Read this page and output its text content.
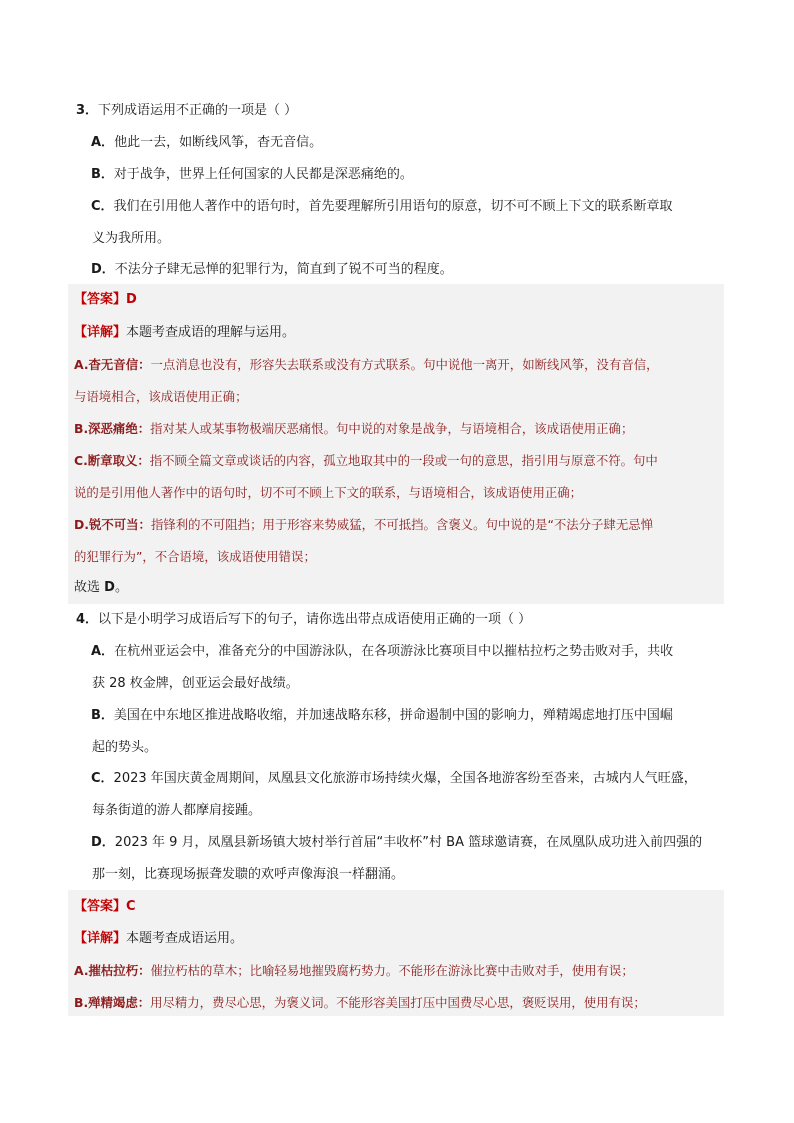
3．下列成语运用不正确的一项是（ ）
A．他此一去，如断线风筝，杳无音信。
B．对于战争，世界上任何国家的人民都是深恶痛绝的。
C．我们在引用他人著作中的语句时，首先要理解所引用语句的原意，切不可不顾上下文的联系断章取
义为我所用。
D．不法分子肆无忌惮的犯罪行为，简直到了锐不可当的程度。
【答案】D
【详解】本题考查成语的理解与运用。
A.杳无音信：一点消息也没有，形容失去联系或没有方式联系。句中说他一离开，如断线风筝，没有音信，
与语境相合，该成语使用正确；
B.深恶痛绝：指对某人或某事物极端厌恶痛恨。句中说的对象是战争，与语境相合，该成语使用正确；
C.断章取义：指不顾全篇文章或谈话的内容，孤立地取其中的一段或一句的意思，指引用与原意不符。句中
说的是引用他人著作中的语句时，切不可不顾上下文的联系，与语境相合，该成语使用正确；
D.锐不可当：指锋利的不可阻挡；用于形容来势威猛，不可抵挡。含褒义。句中说的是“不法分子肆无忌惮
的犯罪行为”，不合语境，该成语使用错误；
故选 D。
4．以下是小明学习成语后写下的句子，请你选出带点成语使用正确的一项（ ）
A．在杭州亚运会中，准备充分的中国游泳队，在各项游泳比赛项目中以摧枯拉朽之势击败对手，共收
获 28 枚金牌，创亚运会最好战绩。
B．美国在中东地区推进战略收缩，并加速战略东移，拼命遏制中国的影响力，殚精竭虑地打压中国崛
起的势头。
C．2023 年国庆黄金周期间，凤凰县文化旅游市场持续火爆，全国各地游客纷至沓来，古城内人气旺盛，
每条街道的游人都摩肩接踵。
D．2023 年 9 月，凤凰县新场镇大坡村举行首届“丰收杯”村 BA 篮球邀请赛，在凤凰队成功进入前四强的
那一刻，比赛现场振聋发聩的欢呼声像海浪一样翻涌。
【答案】C
【详解】本题考查成语运用。
A.摧枯拉朽：催拉朽枯的草木；比喻轻易地摧毁腐朽势力。不能形在游泳比赛中击败对手，使用有误；
B.殚精竭虑：用尽精力，费尽心思，为褒义词。不能形容美国打压中国费尽心思，褒贬误用，使用有误；
